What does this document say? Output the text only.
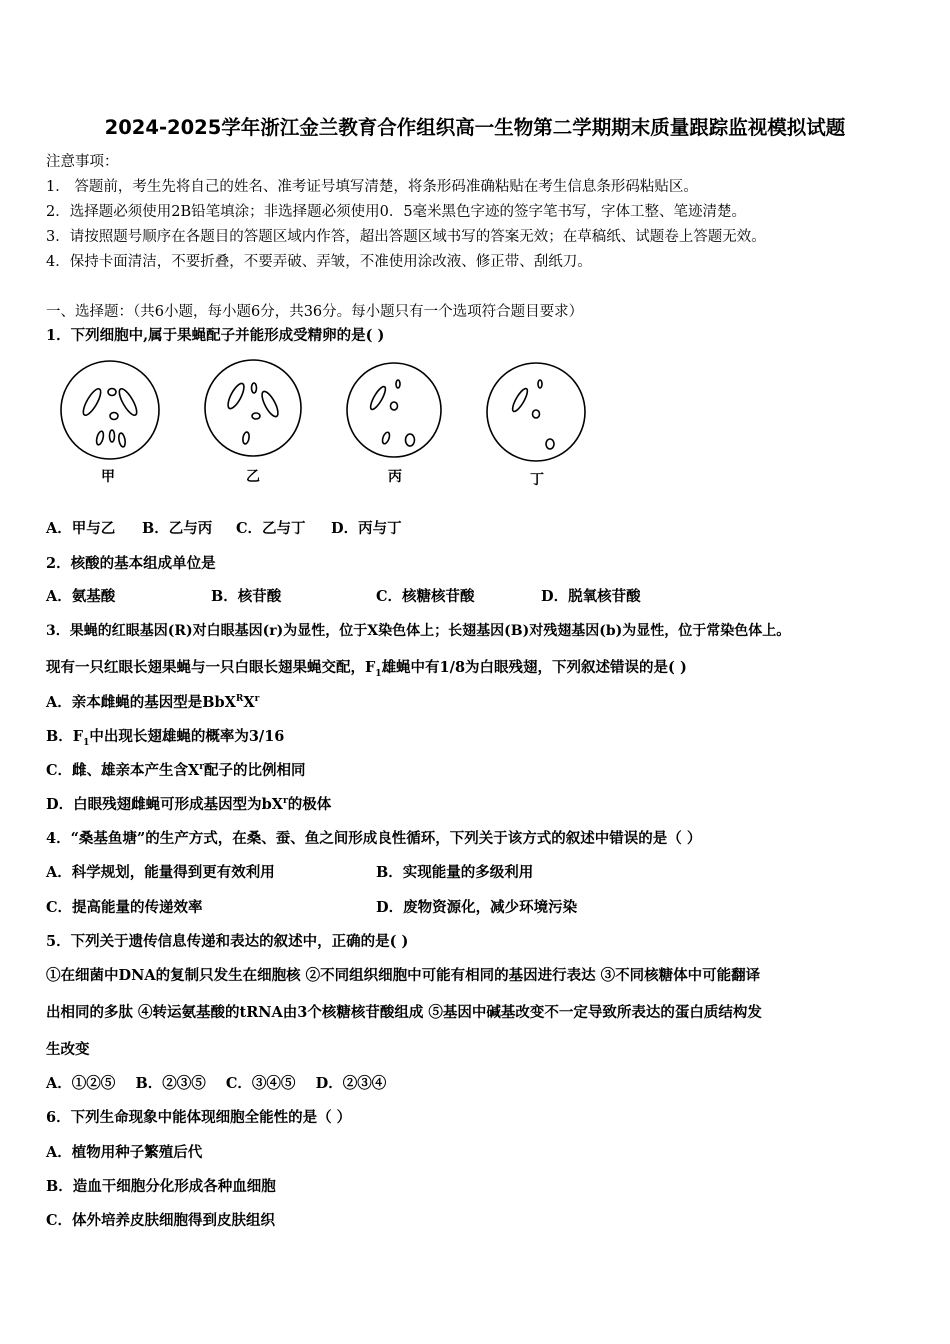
2024-2025学年浙江金兰教育合作组织高一生物第二学期期末质量跟踪监视模拟试题
注意事项：
1． 答题前，考生先将自己的姓名、准考证号填写清楚，将条形码准确粘贴在考生信息条形码粘贴区。
2．选择题必须使用2B铅笔填涂；非选择题必须使用0．5毫米黑色字迹的签字笔书写，字体工整、笔迹清楚。
3．请按照题号顺序在各题目的答题区域内作答，超出答题区域书写的答案无效；在草稿纸、试题卷上答题无效。
4．保持卡面清洁，不要折叠，不要弄破、弄皱，不准使用涂改液、修正带、刮纸刀。
一、选择题：（共6小题，每小题6分，共36分。每小题只有一个选项符合题目要求）
1．下列细胞中,属于果蝇配子并能形成受精卵的是( )
甲	乙	丙	丁
A．甲与乙 B．乙与丙 C．乙与丁 D．丙与丁
2．核酸的基本组成单位是
A．氨基酸	B．核苷酸	C．核糖核苷酸	D．脱氧核苷酸
3．果蝇的红眼基因(R)对白眼基因(r)为显性，位于X染色体上；长翅基因(B)对残翅基因(b)为显性，位于常染色体上。
现有一只红眼长翅果蝇与一只白眼长翅果蝇交配，$F_1$雄蝇中有1/8为白眼残翅，下列叙述错误的是( )
A．亲本雌蝇的基因型是$BbX^RX^r$
B．$F_1$中出现长翅雄蝇的概率为3/16
C．雌、雄亲本产生含$X^r$配子的比例相同
D．白眼残翅雌蝇可形成基因型为$bX^r$的极体
4．“桑基鱼塘”的生产方式，在桑、蚕、鱼之间形成良性循环，下列关于该方式的叙述中错误的是（ ）
A．科学规划，能量得到更有效利用	B．实现能量的多级利用
C．提高能量的传递效率	D．废物资源化，减少环境污染
5．下列关于遗传信息传递和表达的叙述中，正确的是( )
①在细菌中DNA的复制只发生在细胞核 ②不同组织细胞中可能有相同的基因进行表达 ③不同核糖体中可能翻译
出相同的多肽 ④转运氨基酸的tRNA由3个核糖核苷酸组成 ⑤基因中碱基改变不一定导致所表达的蛋白质结构发
生改变
A．①②⑤    B．②③⑤    C．③④⑤    D．②③④
6．下列生命现象中能体现细胞全能性的是（ ）
A．植物用种子繁殖后代
B．造血干细胞分化形成各种血细胞
C．体外培养皮肤细胞得到皮肤组织
